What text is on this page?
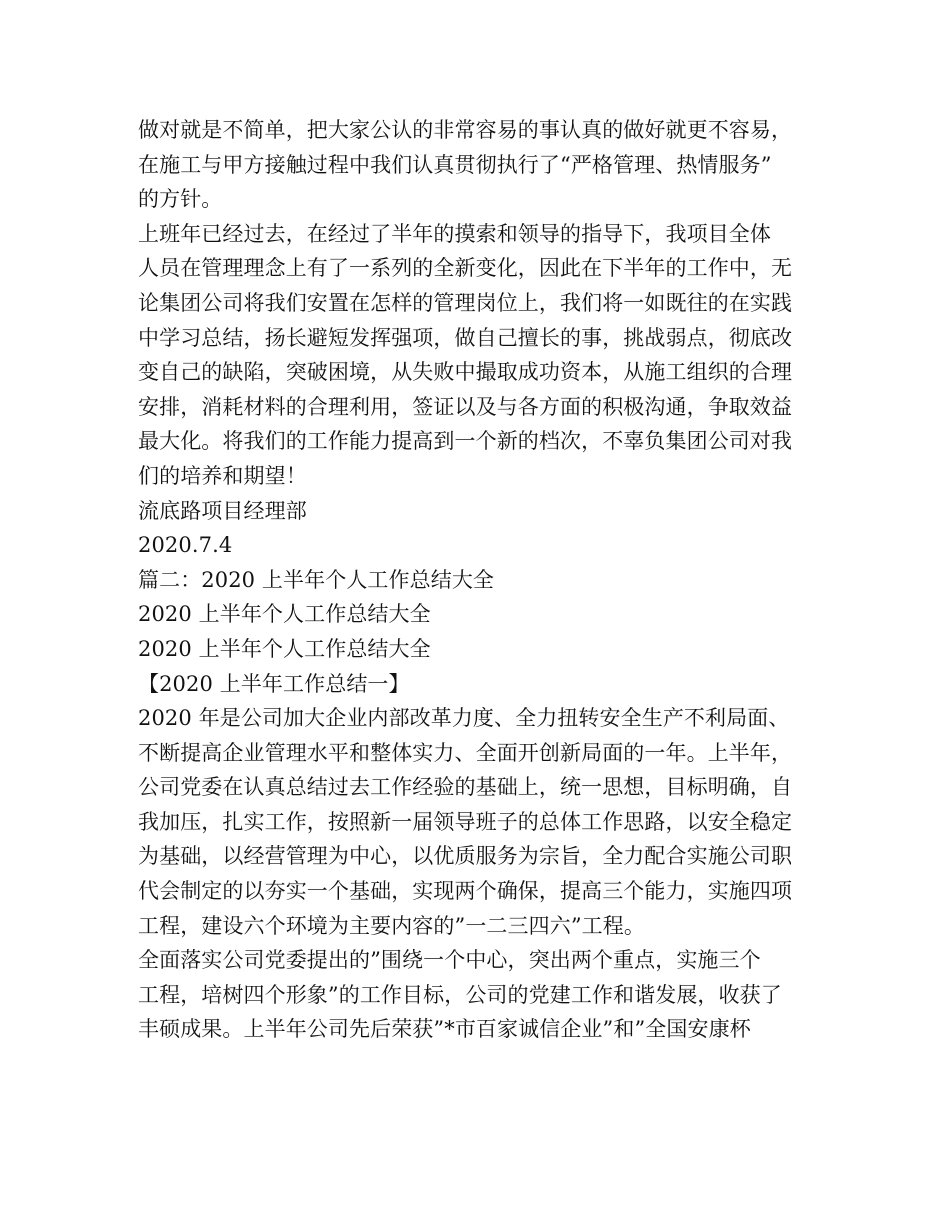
做对就是不简单，把大家公认的非常容易的事认真的做好就更不容易，
在施工与甲方接触过程中我们认真贯彻执行了“严格管理、热情服务”
的方针。
上班年已经过去，在经过了半年的摸索和领导的指导下，我项目全体
人员在管理理念上有了一系列的全新变化，因此在下半年的工作中，无
论集团公司将我们安置在怎样的管理岗位上，我们将一如既往的在实践
中学习总结，扬长避短发挥强项，做自己擅长的事，挑战弱点，彻底改
变自己的缺陷，突破困境，从失败中撮取成功资本，从施工组织的合理
安排，消耗材料的合理利用，签证以及与各方面的积极沟通，争取效益
最大化。将我们的工作能力提高到一个新的档次，不辜负集团公司对我
们的培养和期望！
流底路项目经理部
2020.7.4
篇二：2020 上半年个人工作总结大全
2020 上半年个人工作总结大全
2020 上半年个人工作总结大全
【2020 上半年工作总结一】
2020 年是公司加大企业内部改革力度、全力扭转安全生产不利局面、
不断提高企业管理水平和整体实力、全面开创新局面的一年。上半年，
公司党委在认真总结过去工作经验的基础上，统一思想，目标明确，自
我加压，扎实工作，按照新一届领导班子的总体工作思路，以安全稳定
为基础，以经营管理为中心，以优质服务为宗旨，全力配合实施公司职
代会制定的以夯实一个基础，实现两个确保，提高三个能力，实施四项
工程，建设六个环境为主要内容的”一二三四六”工程。
全面落实公司党委提出的”围绕一个中心，突出两个重点，实施三个
工程，培树四个形象”的工作目标，公司的党建工作和谐发展，收获了
丰硕成果。上半年公司先后荣获”*市百家诚信企业”和”全国安康杯
